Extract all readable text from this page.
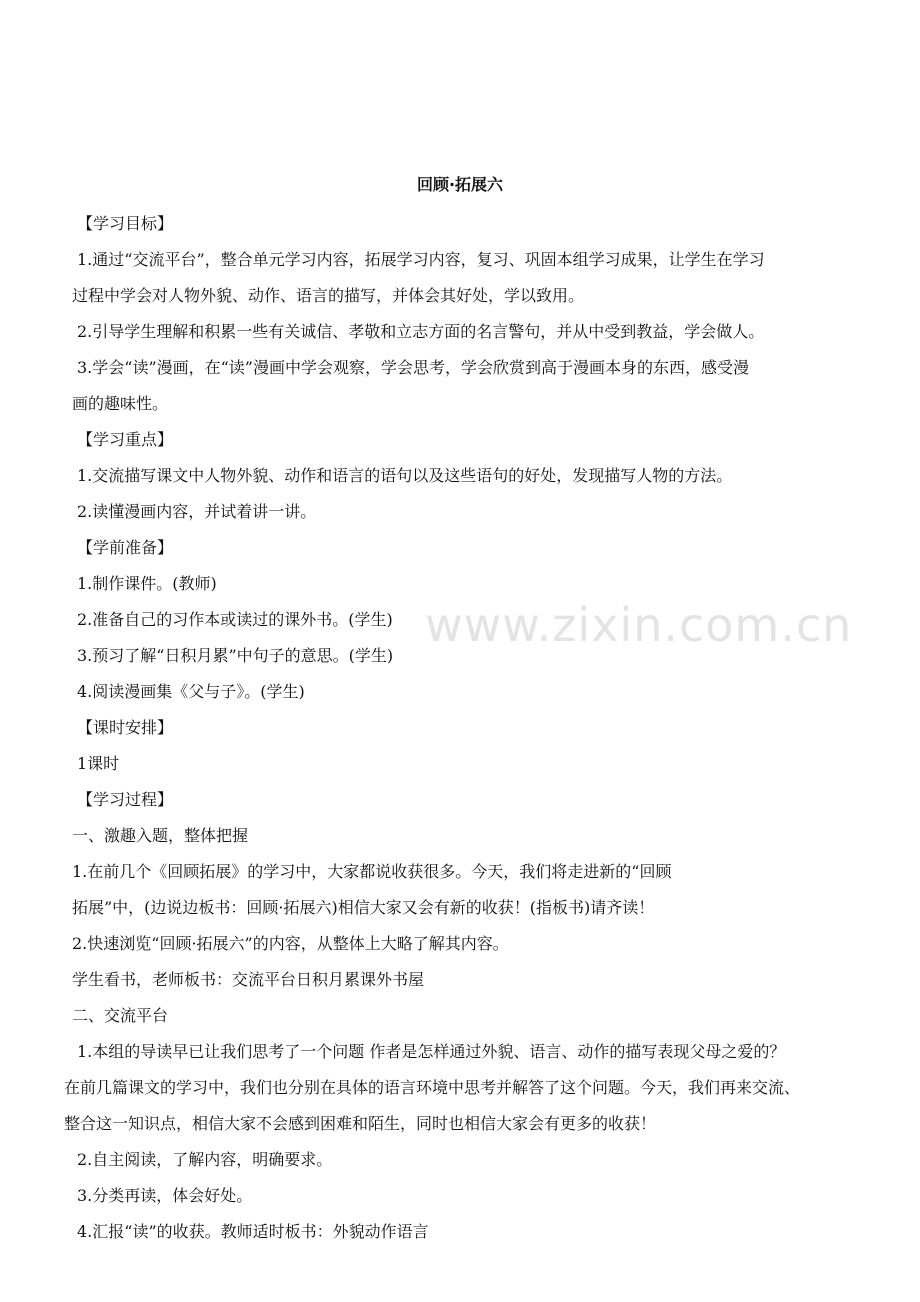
回顾·拓展六
www.zixin.com.cn
【学习目标】
1.通过“交流平台”，整合单元学习内容，拓展学习内容，复习、巩固本组学习成果，让学生在学习
过程中学会对人物外貌、动作、语言的描写，并体会其好处，学以致用。
2.引导学生理解和积累一些有关诚信、孝敬和立志方面的名言警句，并从中受到教益，学会做人。
3.学会“读”漫画，在“读”漫画中学会观察，学会思考，学会欣赏到高于漫画本身的东西，感受漫
画的趣味性。
【学习重点】
1.交流描写课文中人物外貌、动作和语言的语句以及这些语句的好处，发现描写人物的方法。
2.读懂漫画内容，并试着讲一讲。
【学前准备】
1.制作课件。(教师)
2.准备自己的习作本或读过的课外书。(学生)
3.预习了解“日积月累”中句子的意思。(学生)
4.阅读漫画集《父与子》。(学生)
【课时安排】
1课时
【学习过程】
一、激趣入题，整体把握
1.在前几个《回顾拓展》的学习中，大家都说收获很多。今天，我们将走进新的“回顾
拓展”中，(边说边板书：回顾·拓展六)相信大家又会有新的收获！(指板书)请齐读！
2.快速浏览“回顾·拓展六”的内容，从整体上大略了解其内容。
学生看书，老师板书：交流平台日积月累课外书屋
二、交流平台
1.本组的导读早已让我们思考了一个问题 作者是怎样通过外貌、语言、动作的描写表现父母之爱的？
在前几篇课文的学习中，我们也分别在具体的语言环境中思考并解答了这个问题。今天，我们再来交流、
整合这一知识点，相信大家不会感到困难和陌生，同时也相信大家会有更多的收获！
2.自主阅读，了解内容，明确要求。
3.分类再读，体会好处。
4.汇报“读”的收获。教师适时板书：外貌动作语言
